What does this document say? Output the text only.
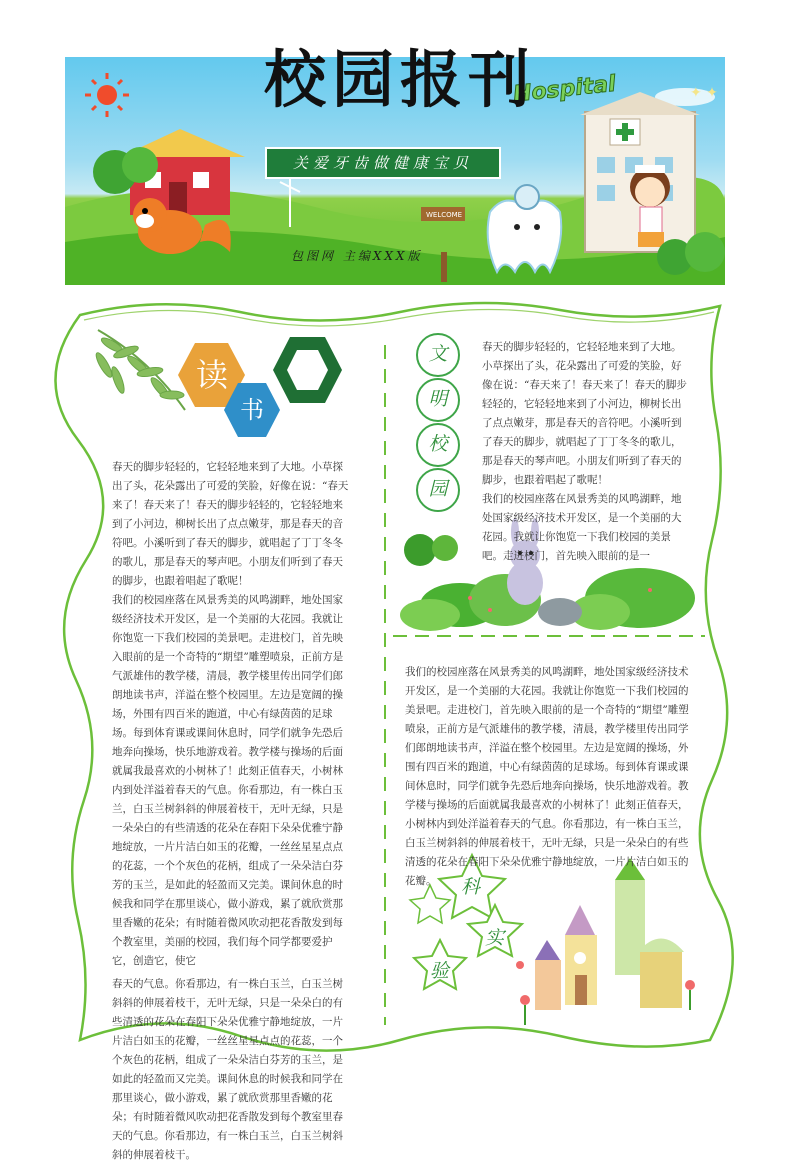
WELCOME
✦ ✦
关爱牙齿做健康宝贝
包图网 主编XXX版
Hospital
校园报刊
读
书
文
明
校
园
科
实
验

春天的脚步轻轻的，它轻轻地来到了大地。小草探出了头，花朵露出了可爱的笑脸，好像在说：“春天来了！春天来了！春天的脚步轻轻的，它轻轻地来到了小河边，柳树长出了点点嫩芽，那是春天的音符吧。小溪听到了春天的脚步，就唱起了丁丁冬冬的歌儿，那是春天的琴声吧。小朋友们听到了春天的脚步，也跟着唱起了歌呢！

我们的校园座落在风景秀美的风鸣湖畔，地处国家级经济技术开发区，是一个美丽的大花园。我就让你饱览一下我们校园的美景吧。走进校门，首先映入眼前的是一个奇特的“期望”雕塑喷泉，正前方是气派雄伟的教学楼，清晨，教学楼里传出同学们郎朗地读书声，洋溢在整个校园里。左边是宽阔的操场，外围有四百米的跑道，中心有绿茵茵的足球场。每到体育课或课间休息时，同学们就争先恐后地奔向操场，快乐地游戏着。教学楼与操场的后面就属我最喜欢的小树林了！此刻正值春天，小树林内到处洋溢着春天的气息。你看那边，有一株白玉兰，白玉兰树斜斜的伸展着枝干，无叶无绿，只是一朵朵白的有些清透的花朵在春阳下朵朵优雅宁静地绽放，一片片洁白如玉的花瓣，一丝丝星星点点的花蕊，一个个灰色的花柄，组成了一朵朵洁白芬芳的玉兰，是如此的轻盈而又完美。课间休息的时候我和同学在那里谈心，做小游戏，累了就欣赏那里香嫩的花朵；有时随着微风吹动把花香散发到每个教室里，美丽的校园，我们每个同学都要爱护它，创造它，使它

春天的气息。你看那边，有一株白玉兰，白玉兰树斜斜的伸展着枝干，无叶无绿，只是一朵朵白的有些清透的花朵在春阳下朵朵优雅宁静地绽放，一片片洁白如玉的花瓣，一丝丝星星点点的花蕊，一个个灰色的花柄，组成了一朵朵洁白芬芳的玉兰，是如此的轻盈而又完美。课间休息的时候我和同学在那里谈心，做小游戏，累了就欣赏那里香嫩的花朵；有时随着微风吹动把花香散发到每个教室里春天的气息。你看那边，有一株白玉兰，白玉兰树斜斜的伸展着枝干。

春天的脚步轻轻的，它轻轻地来到了大地。小草探出了头，花朵露出了可爱的笑脸，好像在说：“春天来了！春天来了！春天的脚步轻轻的，它轻轻地来到了小河边，柳树长出了点点嫩芽，那是春天的音符吧。小溪听到了春天的脚步，就唱起了丁丁冬冬的歌儿，那是春天的琴声吧。小朋友们听到了春天的脚步，也跟着唱起了歌呢！

我们的校园座落在风景秀美的风鸣湖畔，地处国家级经济技术开发区，是一个美丽的大花园。我就让你饱览一下我们校园的美景吧。走进校门，首先映入眼前的是一

我们的校园座落在风景秀美的风鸣湖畔，地处国家级经济技术开发区，是一个美丽的大花园。我就让你饱览一下我们校园的美景吧。走进校门，首先映入眼前的是一个奇特的“期望”雕塑喷泉，正前方是气派雄伟的教学楼，清晨，教学楼里传出同学们郎朗地读书声，洋溢在整个校园里。左边是宽阔的操场，外围有四百米的跑道，中心有绿茵茵的足球场。每到体育课或课间休息时，同学们就争先恐后地奔向操场，快乐地游戏着。教学楼与操场的后面就属我最喜欢的小树林了！此刻正值春天，小树林内到处洋溢着春天的气息。你看那边，有一株白玉兰，白玉兰树斜斜的伸展着枝干，无叶无绿，只是一朵朵白的有些清透的花朵在春阳下朵朵优雅宁静地绽放，一片片洁白如玉的花瓣。
